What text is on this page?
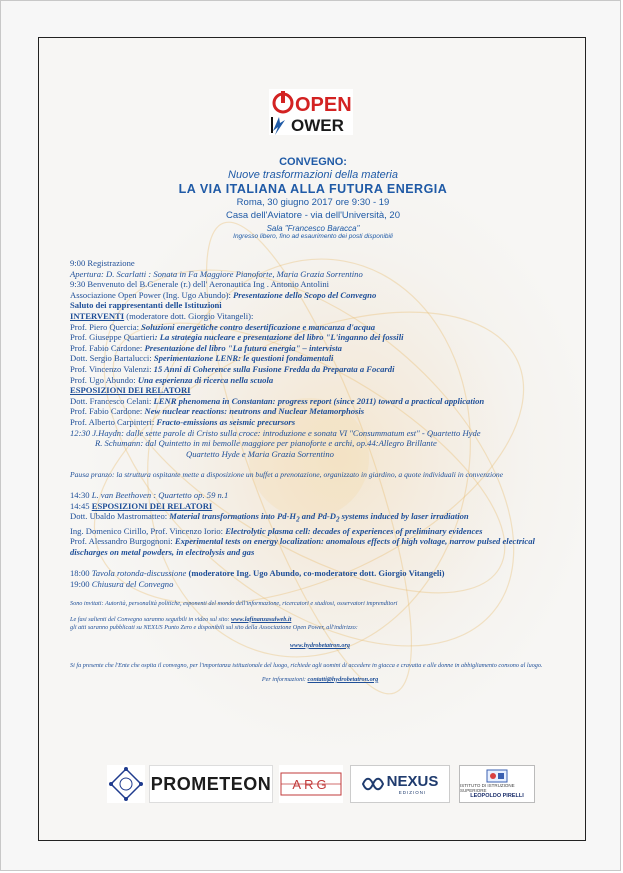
OPEN
OWER
CONVEGNO:
Nuove trasformazioni della materia
LA VIA ITALIANA ALLA FUTURA ENERGIA
Roma, 30 giugno 2017 ore 9:30 - 19
Casa dell'Aviatore - via dell'Università, 20
Sala "Francesco Baracca"
Ingresso libero, fino ad esaurimento dei posti disponibili
9:00 Registrazione
Apertura: D. Scarlatti : Sonata in Fa Maggiore Pianoforte, Maria Grazia Sorrentino
9:30 Benvenuto del B.Generale (r.) dell' Aeronautica Ing . Antonio Antolini
Associazione Open Power (Ing. Ugo Abundo): Presentazione dello Scopo del Convegno
Saluto dei rappresentanti delle Istituzioni
INTERVENTI (moderatore dott. Giorgio Vitangeli):
Prof. Piero Quercia: Soluzioni energetiche contro desertificazione e mancanza d'acqua
Prof. Giuseppe Quartieri: La strategia nucleare e presentazione del libro "L'inganno dei fossili
Prof. Fabio Cardone: Presentazione del libro "La futura energia" – intervista
Dott. Sergio Bartalucci: Sperimentazione LENR: le questioni fondamentali
Prof. Vincenzo Valenzi: 15 Anni di Coherence sulla Fusione Fredda da Preparata a Focardi
Prof. Ugo Abundo: Una esperienza di ricerca nella scuola
ESPOSIZIONI DEI RELATORI
Dott. Francesco Celani: LENR phenomena in Constantan: progress report (since 2011) toward a practical application
Prof. Fabio Cardone: New nuclear reactions: neutrons and Nuclear Metamorphosis
Prof. Alberto Carpinteri: Fracto-emissions as seismic precursors
12:30 J.Haydn: dalle sette parole di Cristo sulla croce: introduzione e sonata VI "Consummatum est" - Quartetto Hyde
R. Schumann: dal Quintetto in mi bemolle maggiore per pianoforte e archi, op.44:Allegro Brillante
Quartetto Hyde e Maria Grazia Sorrentino
Pausa pranzo: la struttura ospitante mette a disposizione un buffet a prenotazione, organizzato in giardino, a quote individuali in convenzione
14:30 L. van Beethoven : Quartetto op. 59 n.1
14:45 ESPOSIZIONI DEI RELATORI
Dott. Ubaldo Mastromatteo: Material transformations into $Pd-H_2$ and $Pd-D_2$ systems induced by laser irradiation
Ing. Domenico Cirillo, Prof. Vincenzo Iorio: Electrolytic plasma cell: decades of experiences of preliminary evidences
Prof. Alessandro Burgognoni: Experimental tests on energy localization: anomalous effects of high voltage, narrow pulsed electrical discharges on metal powders, in electrolysis and gas
18:00 Tavola rotonda-discussione (moderatore Ing. Ugo Abundo, co-moderatore dott. Giorgio Vitangeli)
19:00 Chiusura del Convegno
Sono invitati: Autorità, personalità politiche, esponenti del mondo dell'informazione, ricercatori e studiosi, osservatori imprenditori
Le fasi salienti del Convegno saranno seguibili in video sul sito: www.lafinanzasulweb.it
gli atti saranno pubblicati su NEXUS Punto Zero e disponibili sul sito della Associazione Open Power, all'indirizzo:
www.hydrobetatron.org
Si fa presente che l'Ente che ospita il convegno, per l'importanza istituzionale del luogo, richiede agli uomini di accedere in giacca e cravatta e alle donne in abbigliamento consono al luogo.
Per informazioni: contatti@hydrobetatron.org
PROMETEON ARG	NEXUS
EDIZIONI
ISTITUTO DI ISTRUZIONE SUPERIORE
LEOPOLDO PIRELLI
